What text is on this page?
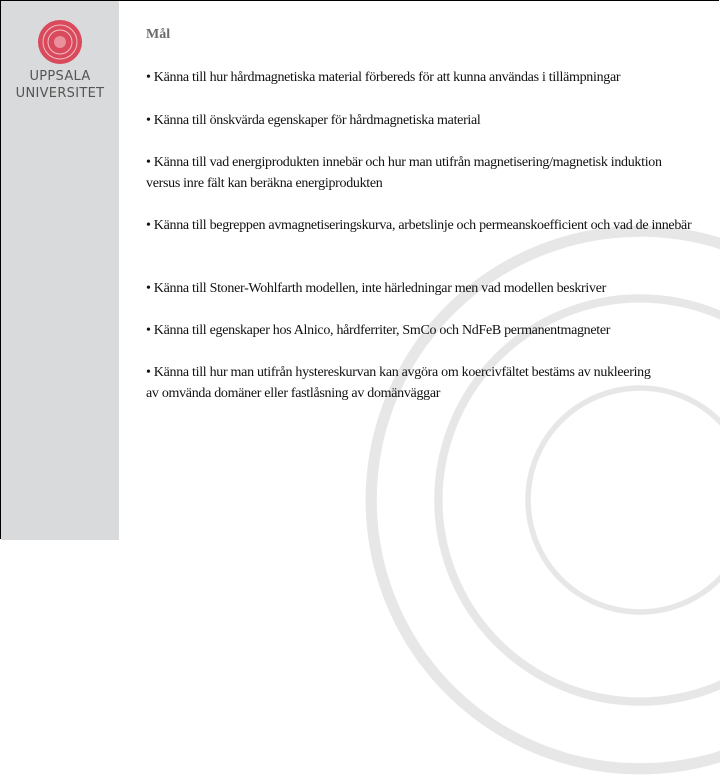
UPPSALA
UNIVERSITET
Mål
• Känna till hur hårdmagnetiska material förbereds för att kunna användas i tillämpningar
• Känna till önskvärda egenskaper för hårdmagnetiska material
• Känna till vad energiprodukten innebär och hur man utifrån magnetisering/magnetisk induktion versus inre fält kan beräkna energiprodukten
• Känna till begreppen avmagnetiseringskurva, arbetslinje och permeanskoefficient och vad de innebär
• Känna till Stoner-Wohlfarth modellen, inte härledningar men vad modellen beskriver
• Känna till egenskaper hos Alnico, hårdferriter, SmCo och NdFeB permanentmagneter
• Känna till hur man utifrån hystereskurvan kan avgöra om koercivfältet bestäms av nukleering av omvända domäner eller fastlåsning av domänväggar
